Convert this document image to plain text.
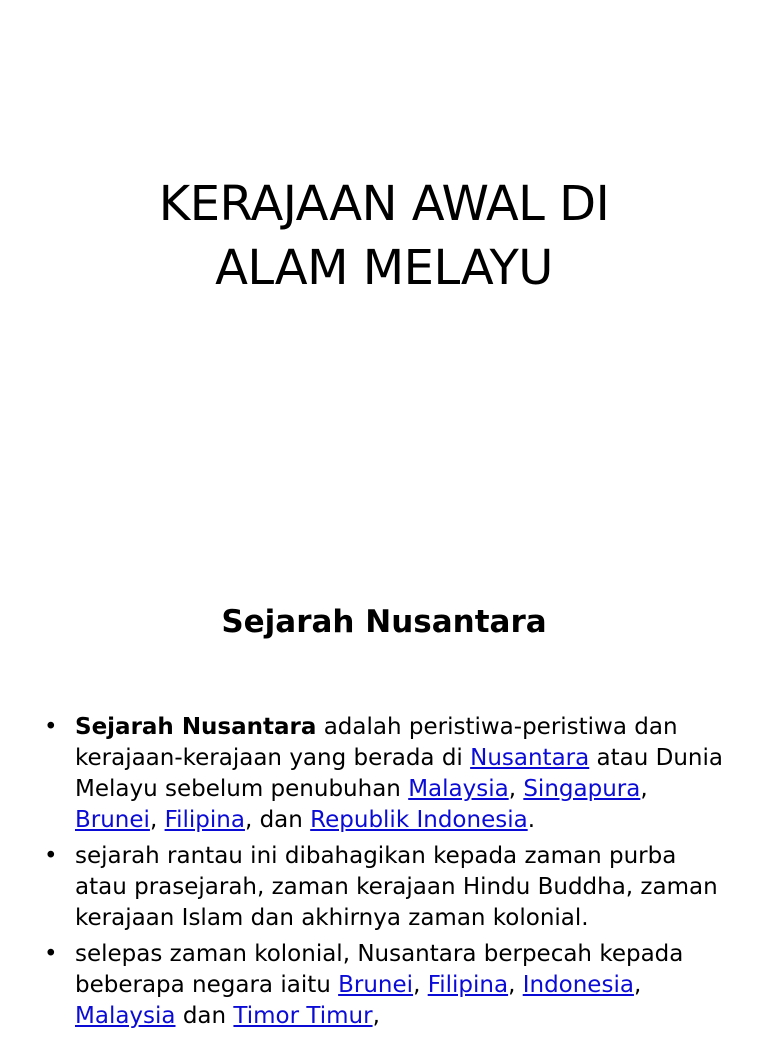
KERAJAAN AWAL DI
ALAM MELAYU
Sejarah Nusantara
• Sejarah Nusantara adalah peristiwa-peristiwa dan kerajaan-kerajaan yang berada di Nusantara atau Dunia Melayu sebelum penubuhan Malaysia, Singapura, Brunei, Filipina, dan Republik Indonesia.
• sejarah rantau ini dibahagikan kepada zaman purba atau prasejarah, zaman kerajaan Hindu Buddha, zaman kerajaan Islam dan akhirnya zaman kolonial.
• selepas zaman kolonial, Nusantara berpecah kepada beberapa negara iaitu Brunei, Filipina, Indonesia, Malaysia dan Timor Timur,
